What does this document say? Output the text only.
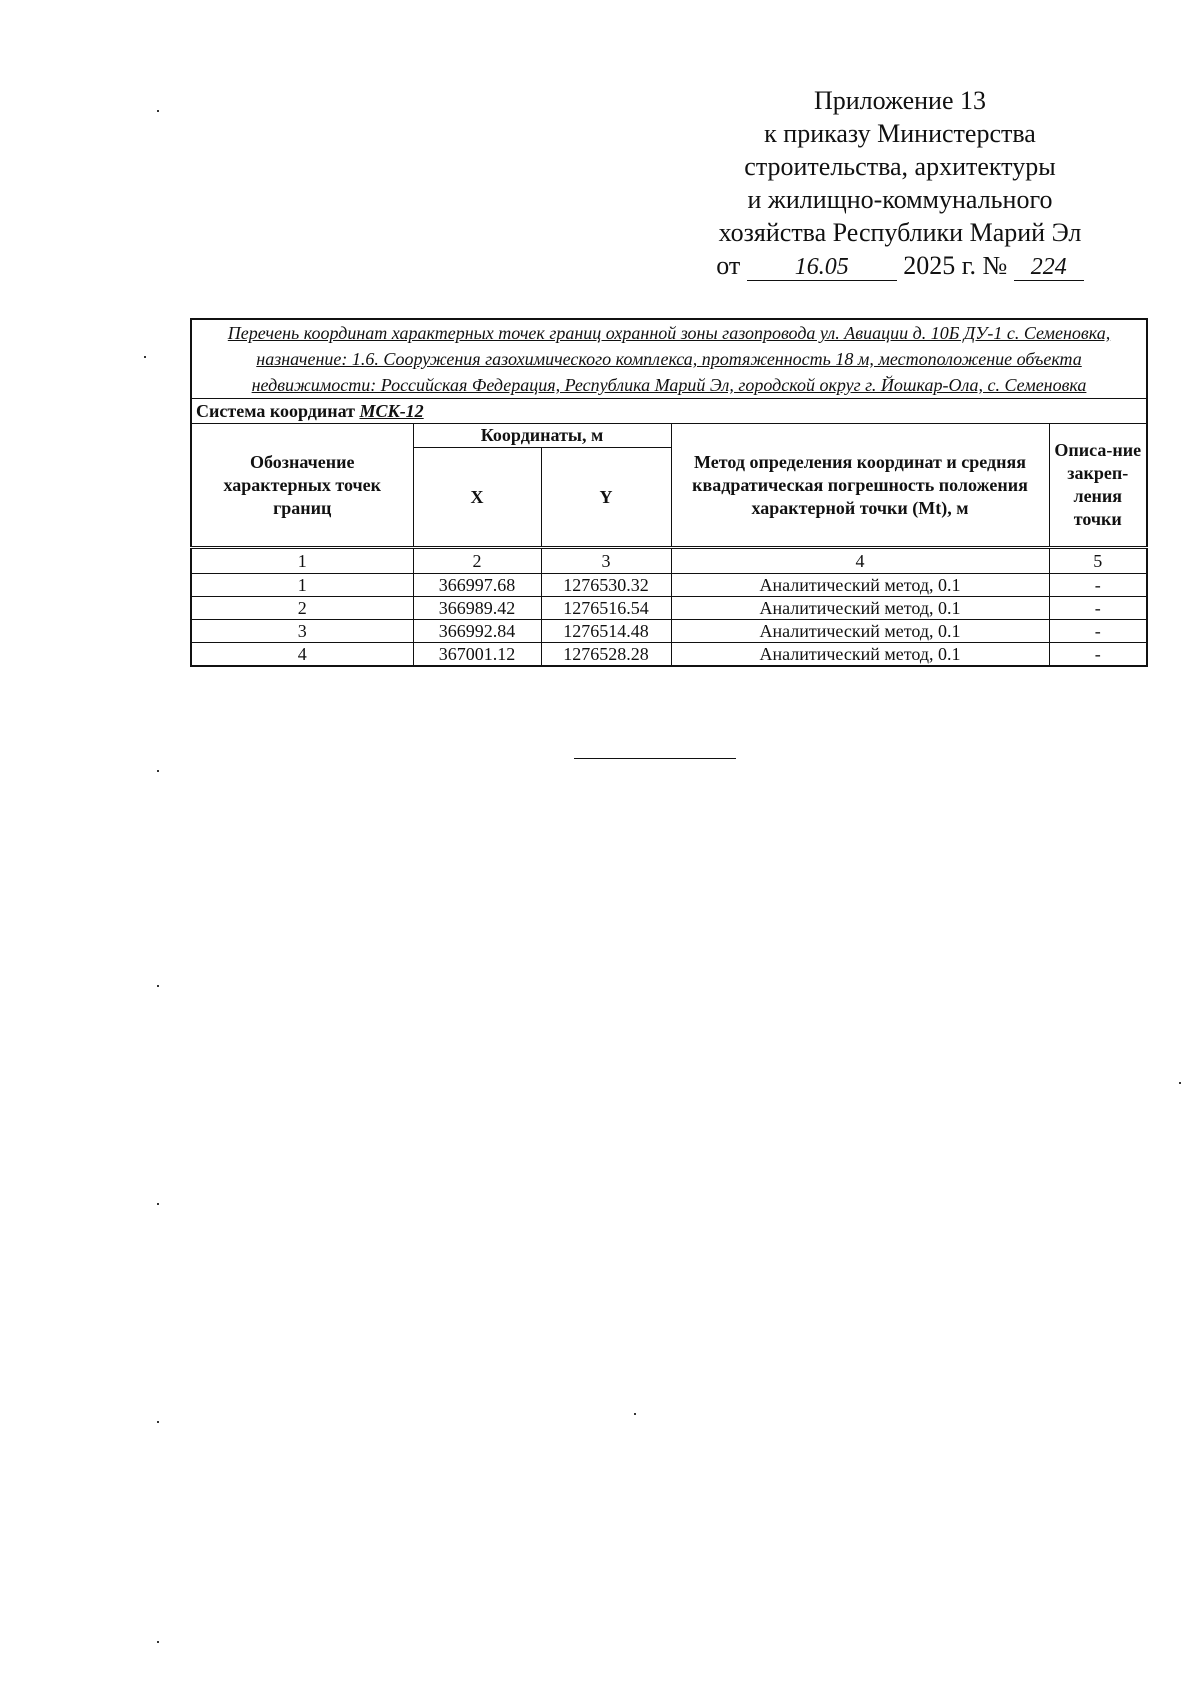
Приложение 13
к приказу Министерства
строительства, архитектуры
и жилищно-коммунального
хозяйства Республики Марий Эл
от 16.05 2025 г. № 224
Перечень координат характерных точек границ охранной зоны газопровода ул. Авиации д. 10Б ДУ-1 с. Семеновка, назначение: 1.6. Сооружения газохимического комплекса, протяженность 18 м, местоположение объекта недвижимости: Российская Федерация, Республика Марий Эл, городской округ г. Йошкар-Ола, с. Семеновка				
Система координат МСК-12				
Обозначение характерных точек границ	Координаты, м		Метод определения координат и средняя квадратическая погрешность положения характерной точки (Mt), м	Описа-ние закреп-ления точки
	X	Y		
1	2	3	4	5
1	366997.68	1276530.32	Аналитический метод, 0.1	-
2	366989.42	1276516.54	Аналитический метод, 0.1	-
3	366992.84	1276514.48	Аналитический метод, 0.1	-
4	367001.12	1276528.28	Аналитический метод, 0.1	-
